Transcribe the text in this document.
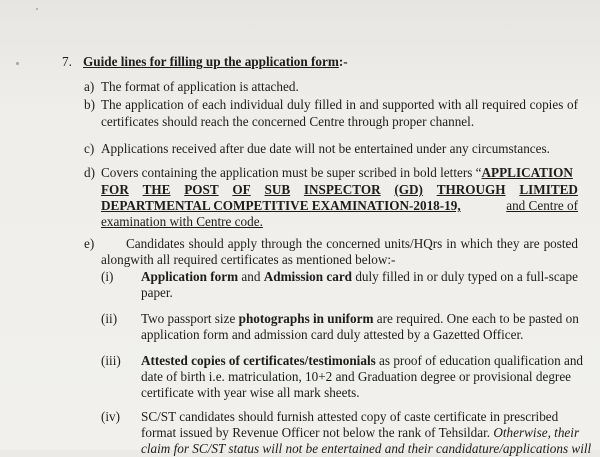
7. Guide lines for filling up the application form:-
a) The format of application is attached.
b) The application of each individual duly filled in and supported with all required copies of
certificates should reach the concerned Centre through proper channel.
c) Applications received after due date will not be entertained under any circumstances.
d) Covers containing the application must be super scribed in bold letters “APPLICATION
FOR THE POST OF SUB INSPECTOR (GD) THROUGH LIMITED
DEPARTMENTAL COMPETITIVE EXAMINATION-2018-19,	and Centre of
examination with Centre code.
e) Candidates should apply through the concerned units/HQrs in which they are posted
alongwith all required certificates as mentioned below:-
(i) Application form and Admission card duly filled in or duly typed on a full-scape
paper.
(ii) Two passport size photographs in uniform are required. One each to be pasted on
application form and admission card duly attested by a Gazetted Officer.
(iii) Attested copies of certificates/testimonials as proof of education qualification and
date of birth i.e. matriculation, 10+2 and Graduation degree or provisional degree
certificate with year wise all mark sheets.
(iv) SC/ST candidates should furnish attested copy of caste certificate in prescribed
format issued by Revenue Officer not below the rank of Tehsildar. Otherwise, their
claim for SC/ST status will not be entertained and their candidature/applications will
